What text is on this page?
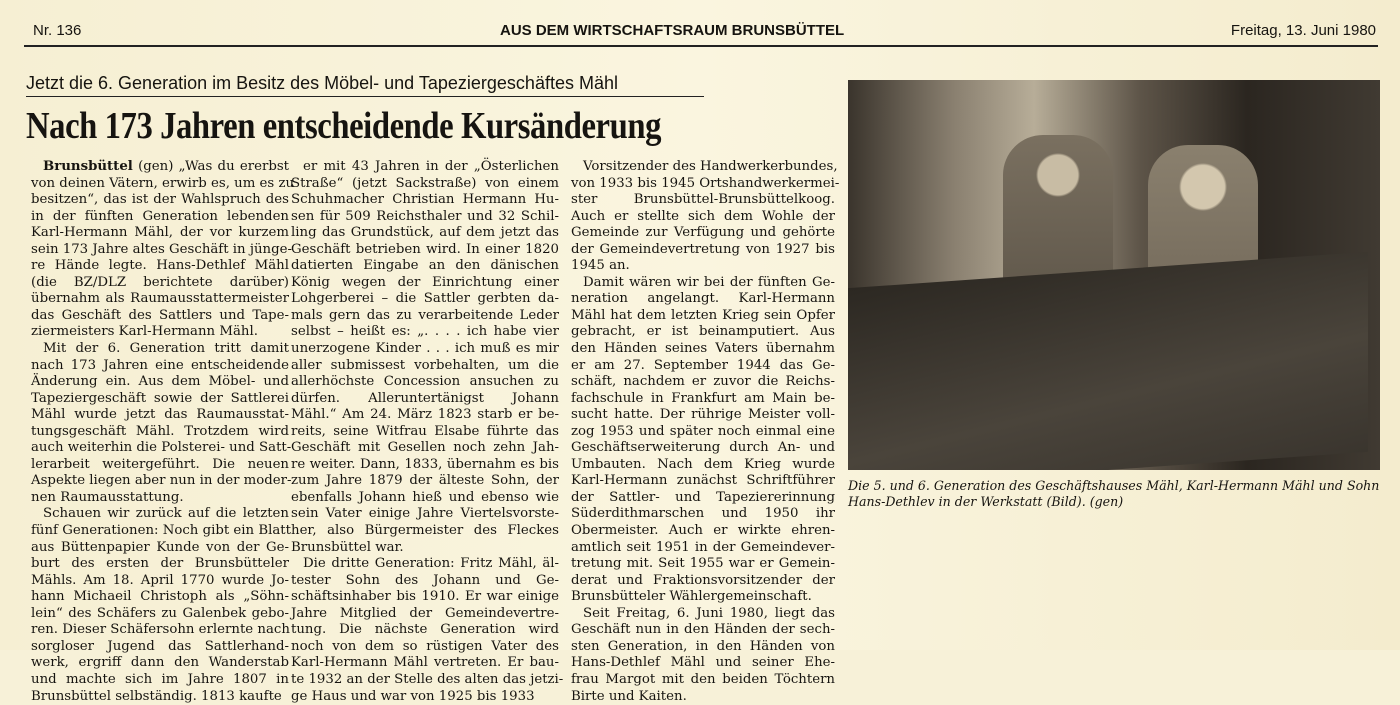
Nr. 136	AUS DEM WIRTSCHAFTSRAUM BRUNSBÜTTEL	Freitag, 13. Juni 1980
Jetzt die 6. Generation im Besitz des Möbel- und Tapeziergeschäftes Mähl
Nach 173 Jahren entscheidende Kursänderung
Brunsbüttel (gen) „Was du ererbst
von deinen Vätern, erwirb es, um es zu
besitzen“, das ist der Wahlspruch des
in der fünften Generation lebenden
Karl-Hermann Mähl, der vor kurzem
sein 173 Jahre altes Geschäft in jünge-
re Hände legte. Hans-Dethlef Mähl
(die BZ/DLZ berichtete darüber)
übernahm als Raumausstattermeister
das Geschäft des Sattlers und Tape-
ziermeisters Karl-Hermann Mähl.
Mit der 6. Generation tritt damit
nach 173 Jahren eine entscheidende
Änderung ein. Aus dem Möbel- und
Tapeziergeschäft sowie der Sattlerei
Mähl wurde jetzt das Raumausstat-
tungsgeschäft Mähl. Trotzdem wird
auch weiterhin die Polsterei- und Satt-
lerarbeit weitergeführt. Die neuen
Aspekte liegen aber nun in der moder-
nen Raumausstattung.
Schauen wir zurück auf die letzten
fünf Generationen: Noch gibt ein Blatt
aus Büttenpapier Kunde von der Ge-
burt des ersten der Brunsbütteler
Mähls. Am 18. April 1770 wurde Jo-
hann Michaeil Christoph als „Söhn-
lein“ des Schäfers zu Galenbek gebo-
ren. Dieser Schäfersohn erlernte nach
sorgloser Jugend das Sattlerhand-
werk, ergriff dann den Wanderstab
und machte sich im Jahre 1807 in
Brunsbüttel selbständig. 1813 kaufte
er mit 43 Jahren in der „Österlichen
Straße“ (jetzt Sackstraße) von einem
Schuhmacher Christian Hermann Hu-
sen für 509 Reichsthaler und 32 Schil-
ling das Grundstück, auf dem jetzt das
Geschäft betrieben wird. In einer 1820
datierten Eingabe an den dänischen
König wegen der Einrichtung einer
Lohgerberei – die Sattler gerbten da-
mals gern das zu verarbeitende Leder
selbst – heißt es: „. . . . ich habe vier
unerzogene Kinder . . . ich muß es mir
aller submissest vorbehalten, um die
allerhöchste Concession ansuchen zu
dürfen. Alleruntertänigst Johann
Mähl.“ Am 24. März 1823 starb er be-
reits, seine Witfrau Elsabe führte das
Geschäft mit Gesellen noch zehn Jah-
re weiter. Dann, 1833, übernahm es bis
zum Jahre 1879 der älteste Sohn, der
ebenfalls Johann hieß und ebenso wie
sein Vater einige Jahre Viertelsvorste-
her, also Bürgermeister des Fleckes
Brunsbüttel war.
Die dritte Generation: Fritz Mähl, äl-
tester Sohn des Johann und Ge-
schäftsinhaber bis 1910. Er war einige
Jahre Mitglied der Gemeindevertre-
tung. Die nächste Generation wird
noch von dem so rüstigen Vater des
Karl-Hermann Mähl vertreten. Er bau-
te 1932 an der Stelle des alten das jetzi-
ge Haus und war von 1925 bis 1933
Vorsitzender des Handwerkerbundes,
von 1933 bis 1945 Ortshandwerkermei-
ster Brunsbüttel-Brunsbüttelkoog.
Auch er stellte sich dem Wohle der
Gemeinde zur Verfügung und gehörte
der Gemeindevertretung von 1927 bis
1945 an.
Damit wären wir bei der fünften Ge-
neration angelangt. Karl-Hermann
Mähl hat dem letzten Krieg sein Opfer
gebracht, er ist beinamputiert. Aus
den Händen seines Vaters übernahm
er am 27. September 1944 das Ge-
schäft, nachdem er zuvor die Reichs-
fachschule in Frankfurt am Main be-
sucht hatte. Der rührige Meister voll-
zog 1953 und später noch einmal eine
Geschäftserweiterung durch An- und
Umbauten. Nach dem Krieg wurde
Karl-Hermann zunächst Schriftführer
der Sattler- und Tapeziererinnung
Süderdithmarschen und 1950 ihr
Obermeister. Auch er wirkte ehren-
amtlich seit 1951 in der Gemeindever-
tretung mit. Seit 1955 war er Gemein-
derat und Fraktionsvorsitzender der
Brunsbütteler Wählergemeinschaft.
Seit Freitag, 6. Juni 1980, liegt das
Geschäft nun in den Händen der sech-
sten Generation, in den Händen von
Hans-Dethlef Mähl und seiner Ehe-
frau Margot mit den beiden Töchtern
Birte und Kaiten.
Die 5. und 6. Generation des Geschäftshauses Mähl, Karl-Hermann Mähl und Sohn Hans-Dethlev in der Werkstatt (Bild). (gen)
